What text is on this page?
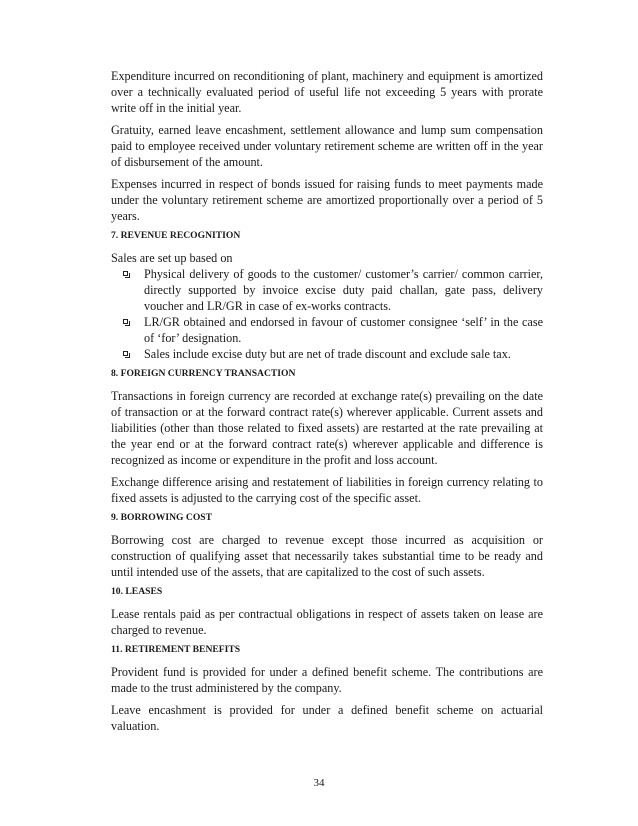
Expenditure incurred on reconditioning of plant, machinery and equipment is amortized over a technically evaluated period of useful life not exceeding 5 years with prorate write off in the initial year.

Gratuity, earned leave encashment, settlement allowance and lump sum compensation paid to employee received under voluntary retirement scheme are written off in the year of disbursement of the amount.

Expenses incurred in respect of bonds issued for raising funds to meet payments made under the voluntary retirement scheme are amortized proportionally over a period of 5 years.

7. REVENUE RECOGNITION
Sales are set up based on
Physical delivery of goods to the customer/ customer’s carrier/ common carrier, directly supported by invoice excise duty paid challan, gate pass, delivery voucher and LR/GR in case of ex-works contracts.
LR/GR obtained and endorsed in favour of customer consignee ‘self’ in the case of ‘for’ designation.
Sales include excise duty but are net of trade discount and exclude sale tax.
8. FOREIGN CURRENCY TRANSACTION

Transactions in foreign currency are recorded at exchange rate(s) prevailing on the date of transaction or at the forward contract rate(s) wherever applicable. Current assets and liabilities (other than those related to fixed assets) are restarted at the rate prevailing at the year end or at the forward contract rate(s) wherever applicable and difference is recognized as income or expenditure in the profit and loss account.

Exchange difference arising and restatement of liabilities in foreign currency relating to fixed assets is adjusted to the carrying cost of the specific asset.

9. BORROWING COST

Borrowing cost are charged to revenue except those incurred as acquisition or construction of qualifying asset that necessarily takes substantial time to be ready and until intended use of the assets, that are capitalized to the cost of such assets.

10. LEASES

Lease rentals paid as per contractual obligations in respect of assets taken on lease are charged to revenue.

11. RETIREMENT BENEFITS

Provident fund is provided for under a defined benefit scheme. The contributions are made to the trust administered by the company.

Leave encashment is provided for under a defined benefit scheme on actuarial valuation.

34
